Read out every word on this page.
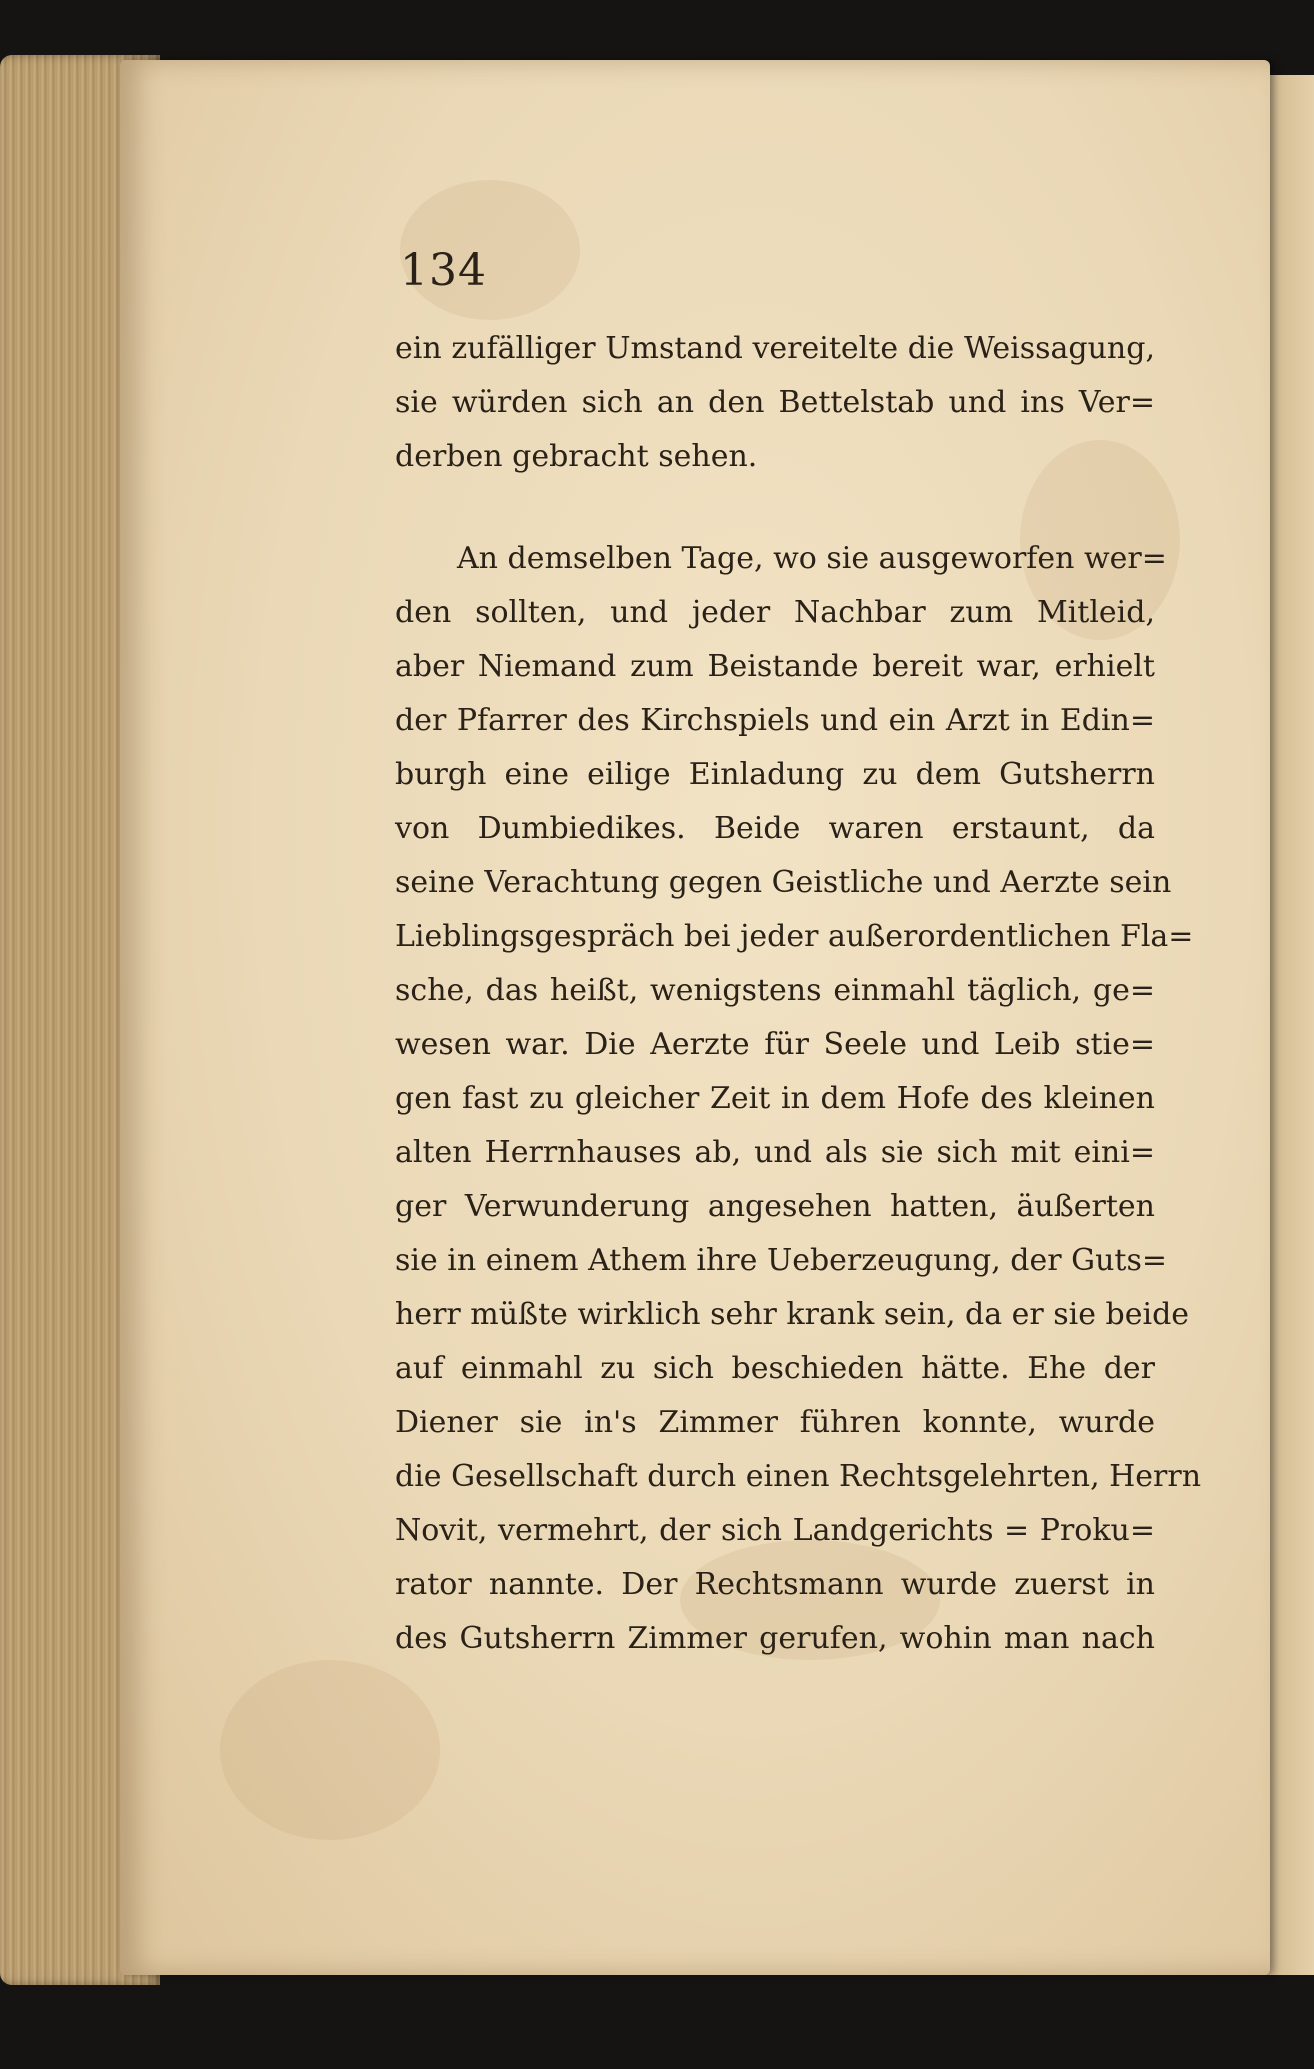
134
ein zufälliger Umstand vereitelte die Weissagung,
sie würden sich an den Bettelstab und ins Ver=
derben gebracht sehen.
An demselben Tage, wo sie ausgeworfen wer=
den sollten, und jeder Nachbar zum Mitleid,
aber Niemand zum Beistande bereit war, erhielt
der Pfarrer des Kirchspiels und ein Arzt in Edin=
burgh eine eilige Einladung zu dem Gutsherrn
von Dumbiedikes. Beide waren erstaunt, da
seine Verachtung gegen Geistliche und Aerzte sein
Lieblingsgespräch bei jeder außerordentlichen Fla=
sche, das heißt, wenigstens einmahl täglich, ge=
wesen war. Die Aerzte für Seele und Leib stie=
gen fast zu gleicher Zeit in dem Hofe des kleinen
alten Herrnhauses ab, und als sie sich mit eini=
ger Verwunderung angesehen hatten, äußerten
sie in einem Athem ihre Ueberzeugung, der Guts=
herr müßte wirklich sehr krank sein, da er sie beide
auf einmahl zu sich beschieden hätte. Ehe der
Diener sie in's Zimmer führen konnte, wurde
die Gesellschaft durch einen Rechtsgelehrten, Herrn
Novit, vermehrt, der sich Landgerichts = Proku=
rator nannte. Der Rechtsmann wurde zuerst in
des Gutsherrn Zimmer gerufen, wohin man nach
